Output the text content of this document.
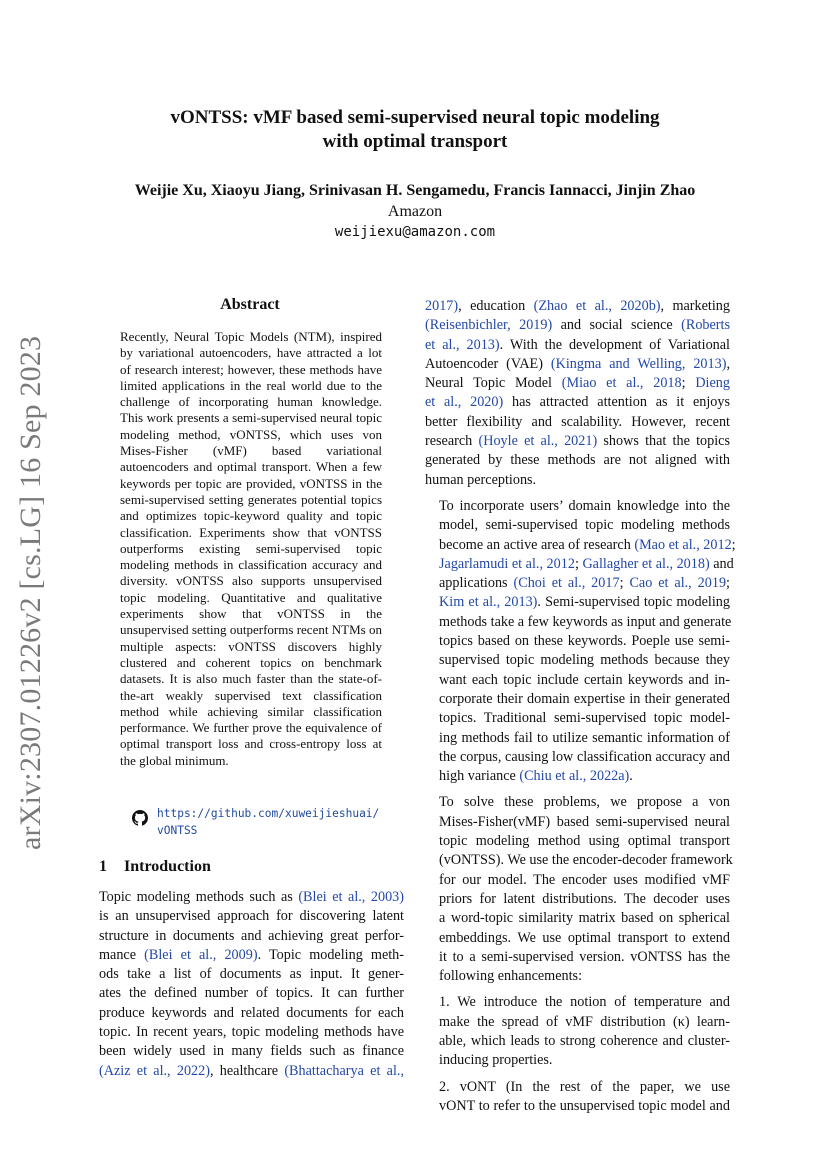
arXiv:2307.01226v2 [cs.LG] 16 Sep 2023
vONTSS: vMF based semi-supervised neural topic modeling
with optimal transport
Weijie Xu, Xiaoyu Jiang, Srinivasan H. Sengamedu, Francis Iannacci, Jinjin Zhao
Amazon
weijiexu@amazon.com
Abstract
Recently, Neural Topic Models (NTM), inspired by variational autoencoders, have attracted a lot of research interest; however, these methods have limited applications in the real world due to the challenge of incorporating human knowledge. This work presents a semi-supervised neural topic modeling method, vONTSS, which uses von Mises-Fisher (vMF) based variational autoencoders and optimal transport. When a few keywords per topic are provided, vONTSS in the semi-supervised setting generates potential topics and optimizes topic-keyword quality and topic classification. Experiments show that vONTSS outperforms existing semi-supervised topic modeling methods in classification accuracy and diversity. vONTSS also supports unsupervised topic modeling. Quantitative and qualitative experiments show that vONTSS in the unsupervised setting outperforms recent NTMs on multiple aspects: vONTSS discovers highly clustered and coherent topics on benchmark datasets. It is also much faster than the state-of-the-art weakly supervised text classification method while achieving similar classification performance. We further prove the equivalence of optimal transport loss and cross-entropy loss at the global minimum.
https://github.com/xuweijieshuai/
vONTSS
1 Introduction
Topic modeling methods such as (Blei et al., 2003)
is an unsupervised approach for discovering latent
structure in documents and achieving great perfor-
mance (Blei et al., 2009). Topic modeling meth-
ods take a list of documents as input. It gener-
ates the defined number of topics. It can further
produce keywords and related documents for each
topic. In recent years, topic modeling methods have
been widely used in many fields such as finance
(Aziz et al., 2022), healthcare (Bhattacharya et al.,

2017), education (Zhao et al., 2020b), marketing
(Reisenbichler, 2019) and social science (Roberts
et al., 2013). With the development of Variational
Autoencoder (VAE) (Kingma and Welling, 2013),
Neural Topic Model (Miao et al., 2018; Dieng
et al., 2020) has attracted attention as it enjoys
better flexibility and scalability. However, recent
research (Hoyle et al., 2021) shows that the topics
generated by these methods are not aligned with
human perceptions.

To incorporate users’ domain knowledge into the
model, semi-supervised topic modeling methods
become an active area of research (Mao et al., 2012;
Jagarlamudi et al., 2012; Gallagher et al., 2018) and
applications (Choi et al., 2017; Cao et al., 2019;
Kim et al., 2013). Semi-supervised topic modeling
methods take a few keywords as input and generate
topics based on these keywords. Poeple use semi-
supervised topic modeling methods because they
want each topic include certain keywords and in-
corporate their domain expertise in their generated
topics. Traditional semi-supervised topic model-
ing methods fail to utilize semantic information of
the corpus, causing low classification accuracy and
high variance (Chiu et al., 2022a).

To solve these problems, we propose a von
Mises-Fisher(vMF) based semi-supervised neural
topic modeling method using optimal transport
(vONTSS). We use the encoder-decoder framework
for our model. The encoder uses modified vMF
priors for latent distributions. The decoder uses
a word-topic similarity matrix based on spherical
embeddings. We use optimal transport to extend
it to a semi-supervised version. vONTSS has the
following enhancements:

1. We introduce the notion of temperature and
make the spread of vMF distribution (κ) learn-
able, which leads to strong coherence and cluster-
inducing properties.

2. vONT (In the rest of the paper, we use
vONT to refer to the unsupervised topic model and
